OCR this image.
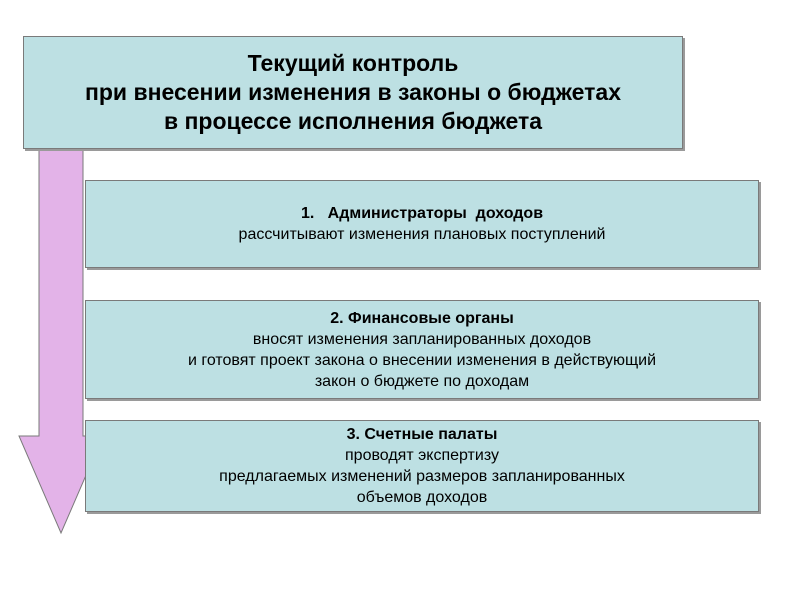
Текущий контроль
при внесении изменения в законы о бюджетах
в процессе исполнения бюджета
1.   Администраторы  доходов
рассчитывают изменения плановых поступлений
2. Финансовые органы
вносят изменения запланированных доходов
и готовят проект закона о внесении изменения в действующий
закон о бюджете по доходам
3. Счетные палаты
проводят экспертизу
предлагаемых изменений размеров запланированных
объемов доходов
